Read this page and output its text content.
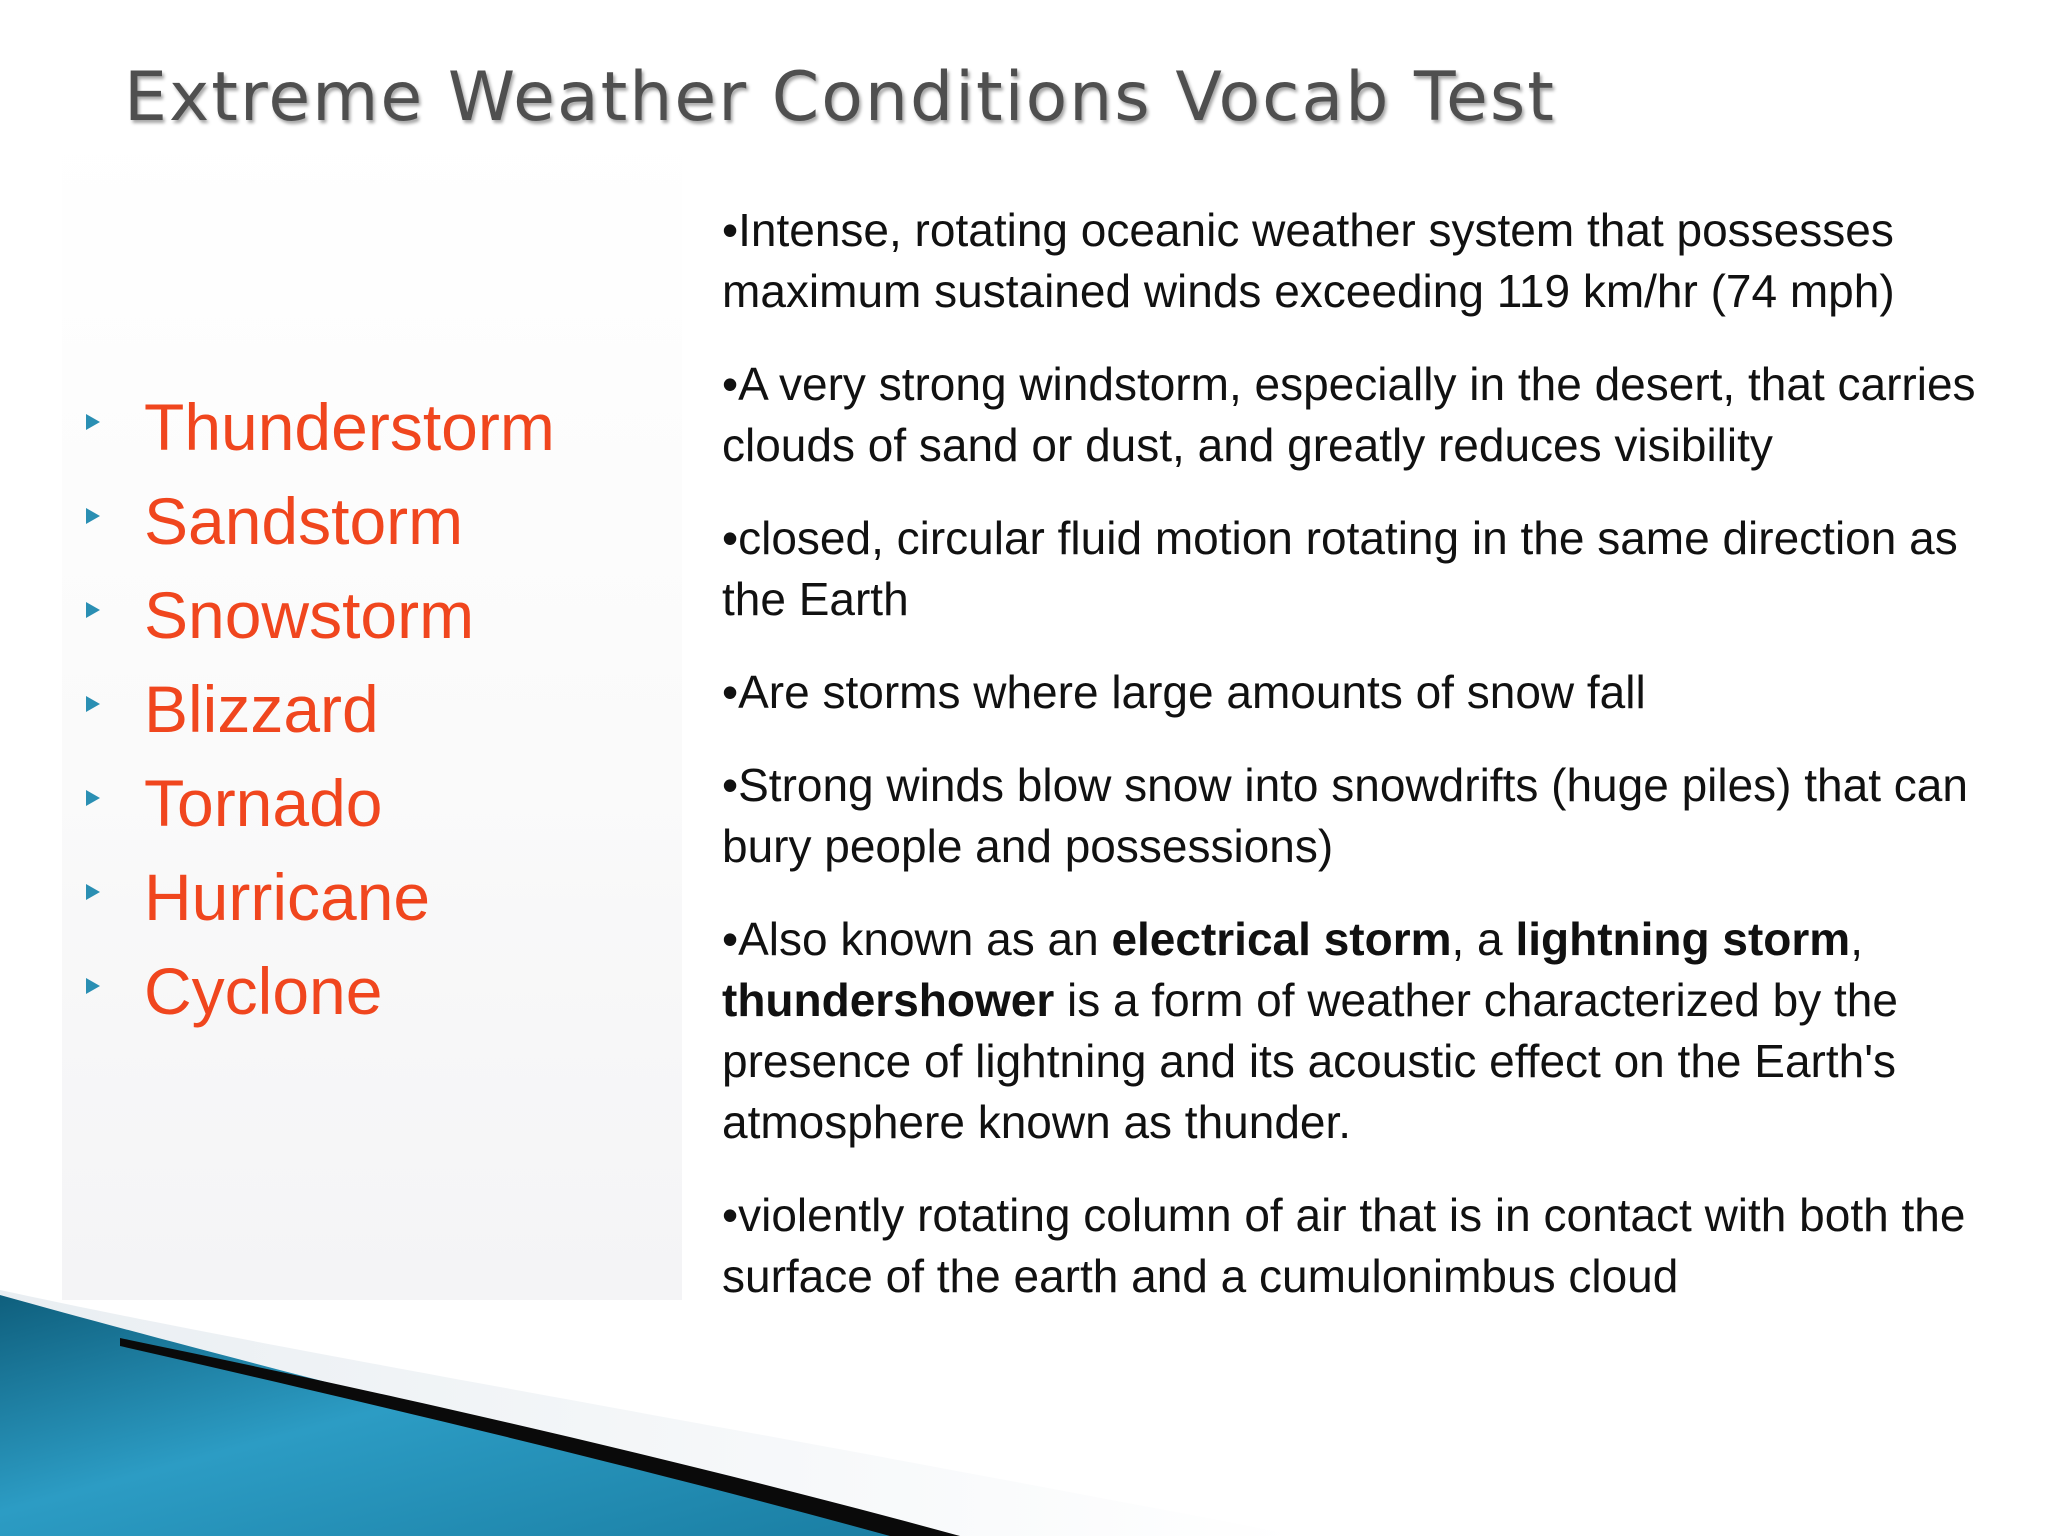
Extreme Weather Conditions Vocab Test
Thunderstorm
Sandstorm
Snowstorm
Blizzard
Tornado
Hurricane
Cyclone

•Intense, rotating oceanic weather system that possesses maximum sustained winds exceeding 119 km/hr (74 mph)

•A very strong windstorm, especially in the desert, that carries clouds of sand or dust, and greatly reduces visibility

•closed, circular fluid motion rotating in the same direction as the Earth

•Are storms where large amounts of snow fall

•Strong winds blow snow into snowdrifts (huge piles) that can bury people and possessions)

•Also known as an electrical storm, a lightning storm, thundershower is a form of weather characterized by the presence of lightning and its acoustic effect on the Earth's atmosphere known as thunder.

•violently rotating column of air that is in contact with both the surface of the earth and a cumulonimbus cloud
